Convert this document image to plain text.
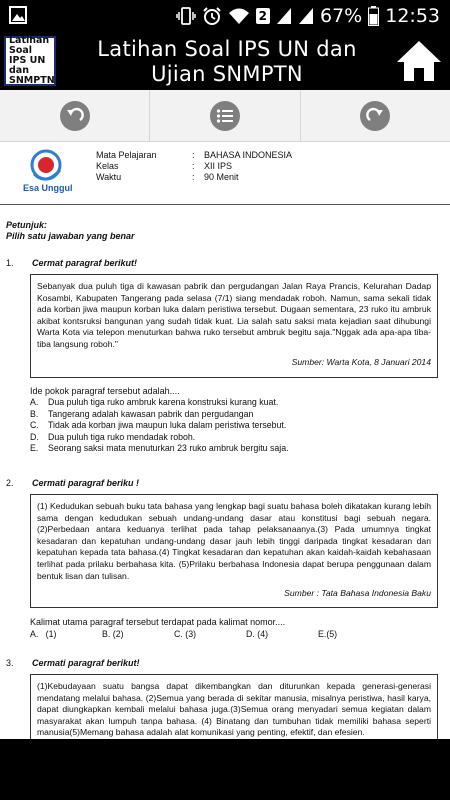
2	67% 12:53
Latihan Soal
IPS UN dan
SNMPTN
Latihan Soal IPS UN dan Ujian SNMPTN
Esa Unggul
Mata Pelajaran	:	BAHASA INDONESIA
Kelas	:	XII IPS
Waktu	:	90 Menit
Petunjuk:
Pilih satu jawaban yang benar
1. Cermat paragraf berikut!
Sebanyak dua puluh tiga di kawasan pabrik dan pergudangan Jalan Raya Prancis, Kelurahan Dadap Kosambi, Kabupaten Tangerang pada selasa (7/1) siang mendadak roboh. Namun, sama sekali tidak ada korban jiwa maupun korban luka dalam peristiwa tersebut. Dugaan sementara, 23 ruko itu ambruk akibat kontsruksi bangunan yang sudah tidak kuat. Lia salah satu saksi mata kejadian saat dihubungi Warta Kota via telepon menuturkan bahwa ruko tersebut ambruk begitu saja."Nggak ada apa-apa tiba-tiba langsung roboh."
Sumber: Warta Kota, 8 Januari 2014
Ide pokok paragraf tersebut adalah....
A.	Dua puluh tiga ruko ambruk karena konstruksi kurang kuat.
B.	Tangerang adalah kawasan pabrik dan pergudangan
C.	Tidak ada korban jiwa maupun luka dalam peristiwa tersebut.
D.	Dua puluh tiga ruko mendadak roboh.
E.	Seorang saksi mata menuturkan 23 ruko ambruk bergitu saja.
2. Cermati paragraf beriku !
(1) Kedudukan sebuah buku tata bahasa yang lengkap bagi suatu bahasa boleh dikatakan kurang lebih sama dengan kedudukan sebuah undang-undang dasar atau konstitusi bagi sebuah negara. (2)Perbedaan antara keduanya terlihat pada tahap pelaksanaanya.(3) Pada umumnya tingkat kesadaran dan kepatuhan undang-undang dasar jauh lebih tinggi daripada tingkat kesadaran dan kepatuhan kepada tata bahasa.(4) Tingkat kesadaran dan kepatuhan akan kaidah-kaidah kebahasaan terlihat pada prilaku berbahasa kita. (5)Prilaku berbahasa Indonesia dapat berupa penggunaan dalam bentuk lisan dan tulisan.
Sumber : Tata Bahasa Indonesia Baku
Kalimat utama paragraf tersebut terdapat pada kalimat nomor....
A. (1)	B. (2)	C. (3)	D. (4)	E.(5)
3. Cermati paragraf berikut!
(1)Kebudayaan suatu bangsa dapat dikembangkan dan diturunkan kepada generasi-generasi mendatang melalui bahasa. (2)Semua yang berada di sekitar manusia, misalnya peristiwa, hasil karya, dapat diungkapkan kembali melalui bahasa juga.(3)Semua orang menyadari semua kegiatan dalam masyarakat akan lumpuh tanpa bahasa. (4) Binatang dan tumbuhan tidak memiliki bahasa seperti manusia(5)Memang bahasa adalah alat komunikasi yang penting, efektif, dan efesien.
